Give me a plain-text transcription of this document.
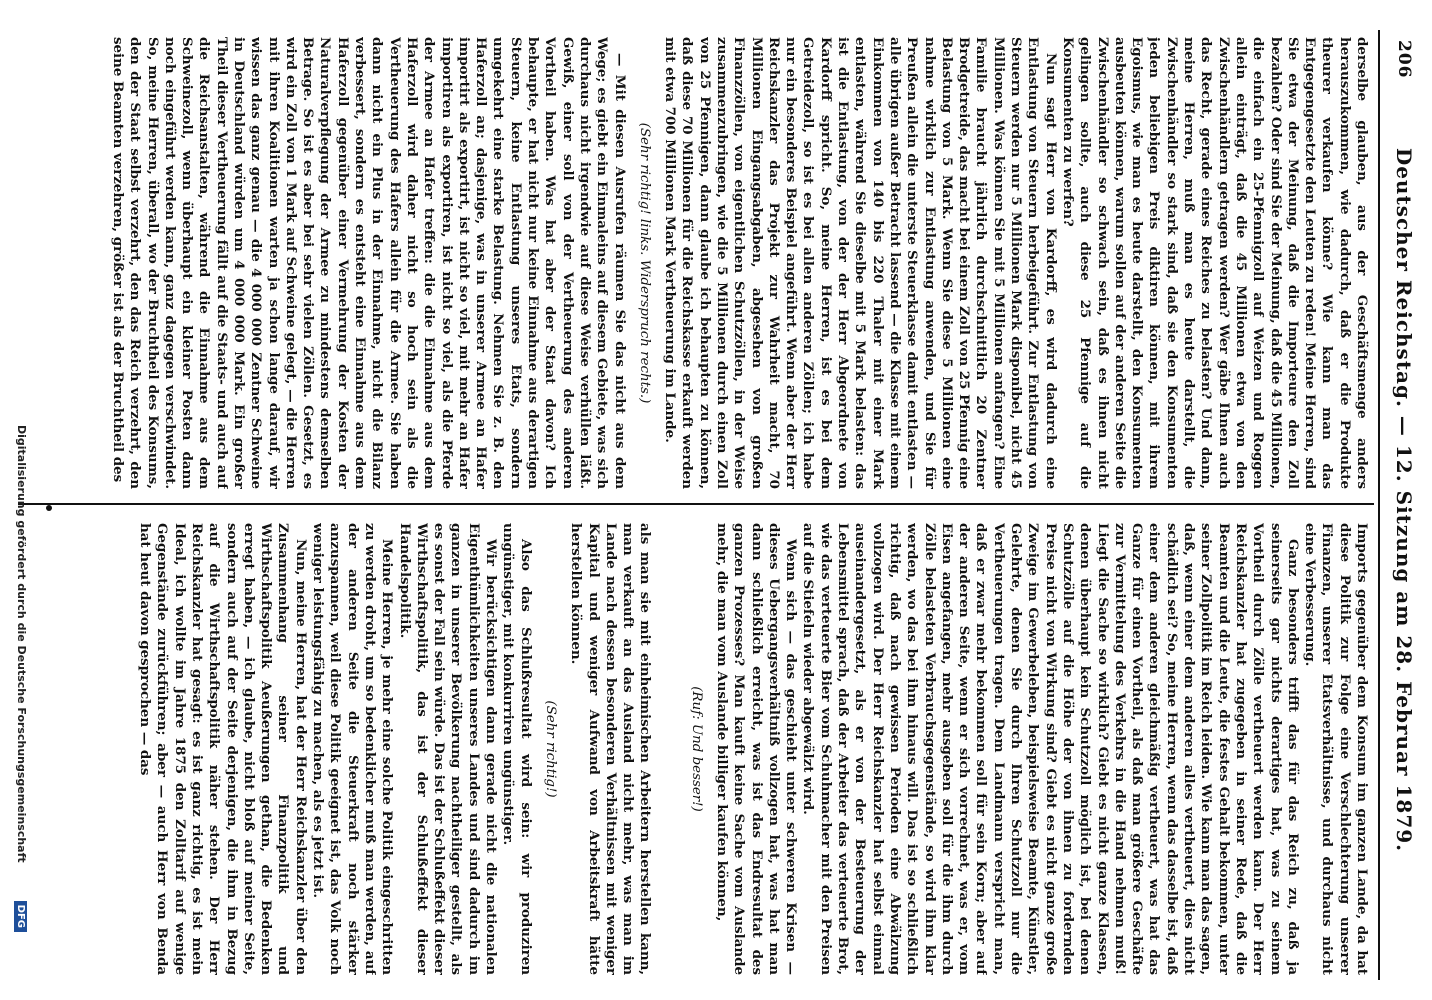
206
Deutscher Reichstag. — 12. Sitzung am 28. Februar 1879.

derselbe glauben, aus der Geschäftsmenge anders herauszukommen, wie dadurch, daß er die Produkte theurer verkaufen könne? Wie kann man das Entgegengesetzte den Leuten zu reden! Meine Herren, sind Sie etwa der Meinung, daß die Importeure den Zoll bezahlen? Oder sind Sie der Meinung, daß die 45 Millionen, die einfach ein 25-Pfennigzoll auf Weizen und Roggen allein einträgt, daß die 45 Millionen etwa von den Zwischenhändlern getragen werden? Wer gäbe Ihnen auch das Recht, gerade eines Reiches zu belasten? Und dann, meine Herren, muß man es heute darstellt, die Zwischenhändler so stark sind, daß sie den Konsumenten jeden beliebigen Preis diktiren können, mit ihrem Egoismus, wie man es heute darstellt, den Konsumenten ausbeuten können, warum sollen auf der anderen Seite die Zwischenhändler so schwach sein, daß es ihnen nicht gelingen sollte, auch diese 25 Pfennige auf die Konsumenten zu werfen?

Nun sagt Herr von Kardorff, es wird dadurch eine Entlastung von Steuern herbeigeführt. Zur Entlastung von Steuern werden nur 5 Millionen Mark disponibel, nicht 45 Millionen. Was können Sie mit 5 Millionen anfangen? Eine Familie braucht jährlich durchschnittlich 20 Zentner Brodgetreide, das macht bei einem Zoll von 25 Pfennig eine Belastung von 5 Mark. Wenn Sie diese 5 Millionen eine nahme wirklich zur Entlastung anwenden, und Sie für Preußen allein die unterste Steuerklasse damit entlasten — alle übrigen außer Betracht lassend — die Klasse mit einem Einkommen von 140 bis 220 Thaler mit einer Mark entlasten, während Sie dieselbe mit 5 Mark belasten: das ist die Entlastung, von der der Herr Abgeordnete von Kardorff spricht. So, meine Herren, ist es bei dem Getreidezoll, so ist es bei allen anderen Zöllen; ich habe nur ein besonderes Beispiel angeführt. Wenn aber der Herr Reichskanzler das Projekt zur Wahrheit macht, 70 Millionen Eingangsabgaben, abgesehen von großen Finanzzöllen, von eigentlichen Schutzzöllen, in der Weise zusammenzubringen, wie die 5 Millionen durch einen Zoll von 25 Pfennigen, dann glaube ich behaupten zu können, daß diese 70 Millionen für die Reichskasse erkauft werden mit etwa 700 Millionen Mark Vertheuerung im Lande.

(Sehr richtig! links. Widerspruch rechts.)

— Mit diesen Ausrufen räumen Sie das nicht aus dem Wege; es giebt ein Einmaleins auf diesem Gebiete, was sich durchaus nicht irgendwie auf diese Weise verhüllen läßt. Gewiß, einer soll von der Vertheuerung des anderen Vortheil haben. Was hat aber der Staat davon? Ich behaupte, er hat nicht nur keine Einnahme aus derartigen Steuern, keine Entlastung unseres Etats, sondern umgekehrt eine starke Belastung. Nehmen Sie z. B. den Haferzoll an; dasjenige, was in unserer Armee an Hafer importirt als exportirt, ist nicht so viel, mit mehr an Hafer importiren als exportiren, ist nicht so viel, als die Pferde der Armee an Hafer treffen: die die Einnahme aus dem Haferzoll wird daher nicht so hoch sein als die Vertheuerung des Hafers allein für die Armee. Sie haben dann nicht ein Plus in der Einnahme, nicht die Bilanz verbessert, sondern es entsteht eine Einnahme aus dem Haferzoll gegenüber einer Vermehrung der Kosten der Naturalverpflegung der Armee zu mindestens demselben Betrage. So ist es aber bei sehr vielen Zöllen. Gesetzt, es wird ein Zoll von 1 Mark auf Schweine gelegt, — die Herren mit ihren Koalitionen warten ja schon lange darauf, wir wissen das ganz genau — die 4 000 000 Zentner Schweine in Deutschland würden um 4 000 000 Mark. Ein großer Theil dieser Vertheuerung fällt auf die Staats- und auch auf die Reichsanstalten, während die Einnahme aus dem Schweinezoll, wenn überhaupt ein kleiner Posten dann noch eingeführt werden kann, ganz dagegen verschwindet. So, meine Herren, überall, wo der Bruchtheil des Konsums, den der Staat selbst verzehrt, den das Reich verzehrt, den seine Beamten verzehren, größer ist als der Bruchtheil des

Imports gegenüber dem Konsum im ganzen Lande, da hat diese Politik zur Folge eine Verschlechterung unserer Finanzen, unserer Etatsverhältnisse, und durchaus nicht eine Verbesserung.

Ganz besonders trifft das für das Reich zu, daß ja seinerseits gar nichts derartiges hat, was zu seinem Vortheil durch Zölle vertheuert werden kann. Der Herr Reichskanzler hat zugegeben in seiner Rede, daß die Beamten und die Leute, die festes Gehalt bekommen, unter seiner Zollpolitik im Reich leiden. Wie kann man das sagen, daß, wenn einer dem anderen alles vertheuert, dies nicht schädlich sei? So, meine Herren, wenn das dasselbe ist, daß einer dem anderen gleichmäßig vertheuert, was hat das Ganze für einen Vortheil, als daß man größere Geschäfte zur Vermittelung des Verkehrs in die Hand nehmen muß! Liegt die Sache so wirklich? Giebt es nicht ganze Klassen, denen überhaupt kein Schutzzoll möglich ist, bei denen Schutzzölle auf die Höhe der von ihnen zu fordernden Preise nicht von Wirkung sind? Giebt es nicht ganze große Zweige im Gewerbeleben, beispielsweise Beamte, Künstler, Gelehrte, denen Sie durch Ihren Schutzzoll nur die Vertheuerungen tragen. Dem Landmann verspricht man, daß er zwar mehr bekommen soll für sein Korn; aber auf der anderen Seite, wenn er sich vorrechnet, was er, vom Eisen angefangen, mehr ausgeben soll für die ihm durch Zölle belasteten Verbrauchsgegenstände, so wird ihm klar werden, wo das bei ihm hinaus will. Das ist so schließlich richtig, daß nach gewissen Perioden eine Abwälzung vollzogen wird. Der Herr Reichskanzler hat selbst einmal auseinandergesetzt, als er von der Besteuerung der Lebensmittel sprach, daß der Arbeiter das verteuerte Brot, wie das verteuerte Bier vom Schuhmacher mit den Preisen auf die Stiefeln wieder abgewälzt wird.

Wenn sich — das geschieht unter schweren Krisen — dieses Uebergangsverhältniß vollzogen hat, was hat man dann schließlich erreicht, was ist das Endresultat des ganzen Prozesses? Man kauft keine Sache vom Auslande mehr, die man vom Auslande billiger kaufen können,

(Ruf: Und besser!)

als man sie mit einheimischen Arbeitern herstellen kann, man verkauft an das Ausland nicht mehr, was man im Lande nach dessen besonderen Verhältnissen mit weniger Kapital und weniger Aufwand von Arbeitskraft hätte herstellen können.

(Sehr richtig!)

Also das Schlußresultat wird sein: wir produziren ungünstiger, mit konkurriren ungünstiger.

Wir berücksichtigen dann gerade nicht die nationalen Eigenthümlichkeiten unseres Landes und sind dadurch im ganzen in unserer Bevölkerung nachtheiliger gestellt, als es sonst der Fall sein würde. Das ist der Schlußeffekt dieser Wirthschaftspolitik, das ist der Schlußeffekt dieser Handelspolitik.

Meine Herren, je mehr eine solche Politik eingeschritten zu werden droht, um so bedenklicher muß man werden, auf der anderen Seite die Steuerkraft noch stärker anzuspannen, weil diese Politik geeignet ist, das Volk noch weniger leistungsfähig zu machen, als es jetzt ist.

Nun, meine Herren, hat der Herr Reichskanzler über den Zusammenhang seiner Finanzpolitik und Wirthschaftspolitik Aeußerungen gethan, die Bedenken erregt haben, — ich glaube, nicht bloß auf meiner Seite, sondern auch auf der Seite derjenigen, die ihm in Bezug auf die Wirthschaftspolitik näher stehen. Der Herr Reichskanzler hat gesagt: es ist ganz richtig, es ist mein Ideal, ich wollte im Jahre 1875 den Zolltarif auf wenige Gegenstände zurückführen; aber — auch Herr von Benda hat heut davon gesprochen — das

Digitalisierung gefördert durch die Deutsche ForschungsgemeinschaftDFG
